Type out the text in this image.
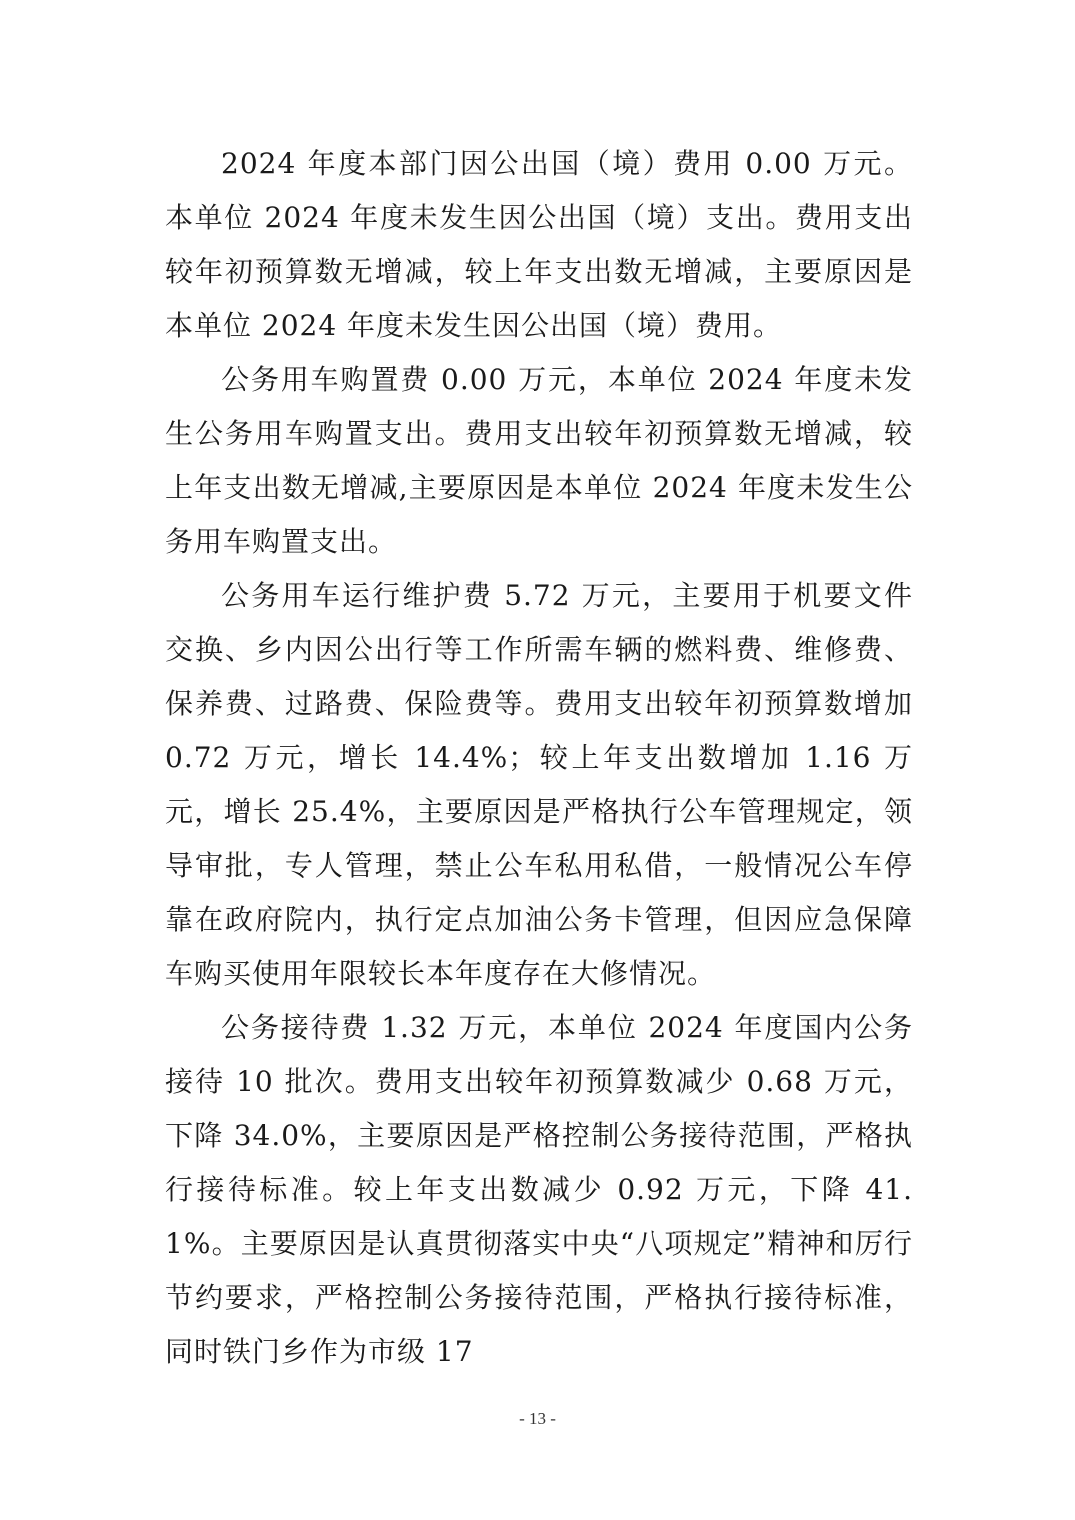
2024 年度本部门因公出国（境）费用 0.00 万元。本单位 2024 年度未发生因公出国（境）支出。费用支出较年初预算数无增减，较上年支出数无增减，主要原因是本单位 2024 年度未发生因公出国（境）费用。

公务用车购置费 0.00 万元，本单位 2024 年度未发生公务用车购置支出。费用支出较年初预算数无增减，较上年支出数无增减,主要原因是本单位 2024 年度未发生公务用车购置支出。

公务用车运行维护费 5.72 万元，主要用于机要文件交换、乡内因公出行等工作所需车辆的燃料费、维修费、保养费、过路费、保险费等。费用支出较年初预算数增加 0.72 万元，增长 14.4%；较上年支出数增加 1.16 万元，增长 25.4%，主要原因是严格执行公车管理规定，领导审批，专人管理，禁止公车私用私借，一般情况公车停靠在政府院内，执行定点加油公务卡管理，但因应急保障车购买使用年限较长本年度存在大修情况。

公务接待费 1.32 万元，本单位 2024 年度国内公务接待 10 批次。费用支出较年初预算数减少 0.68 万元，下降 34.0%，主要原因是严格控制公务接待范围，严格执行接待标准。较上年支出数减少 0.92 万元，下降 41.1%。主要原因是认真贯彻落实中央“八项规定”精神和厉行节约要求，严格控制公务接待范围，严格执行接待标准，同时铁门乡作为市级 17

- 13 -
